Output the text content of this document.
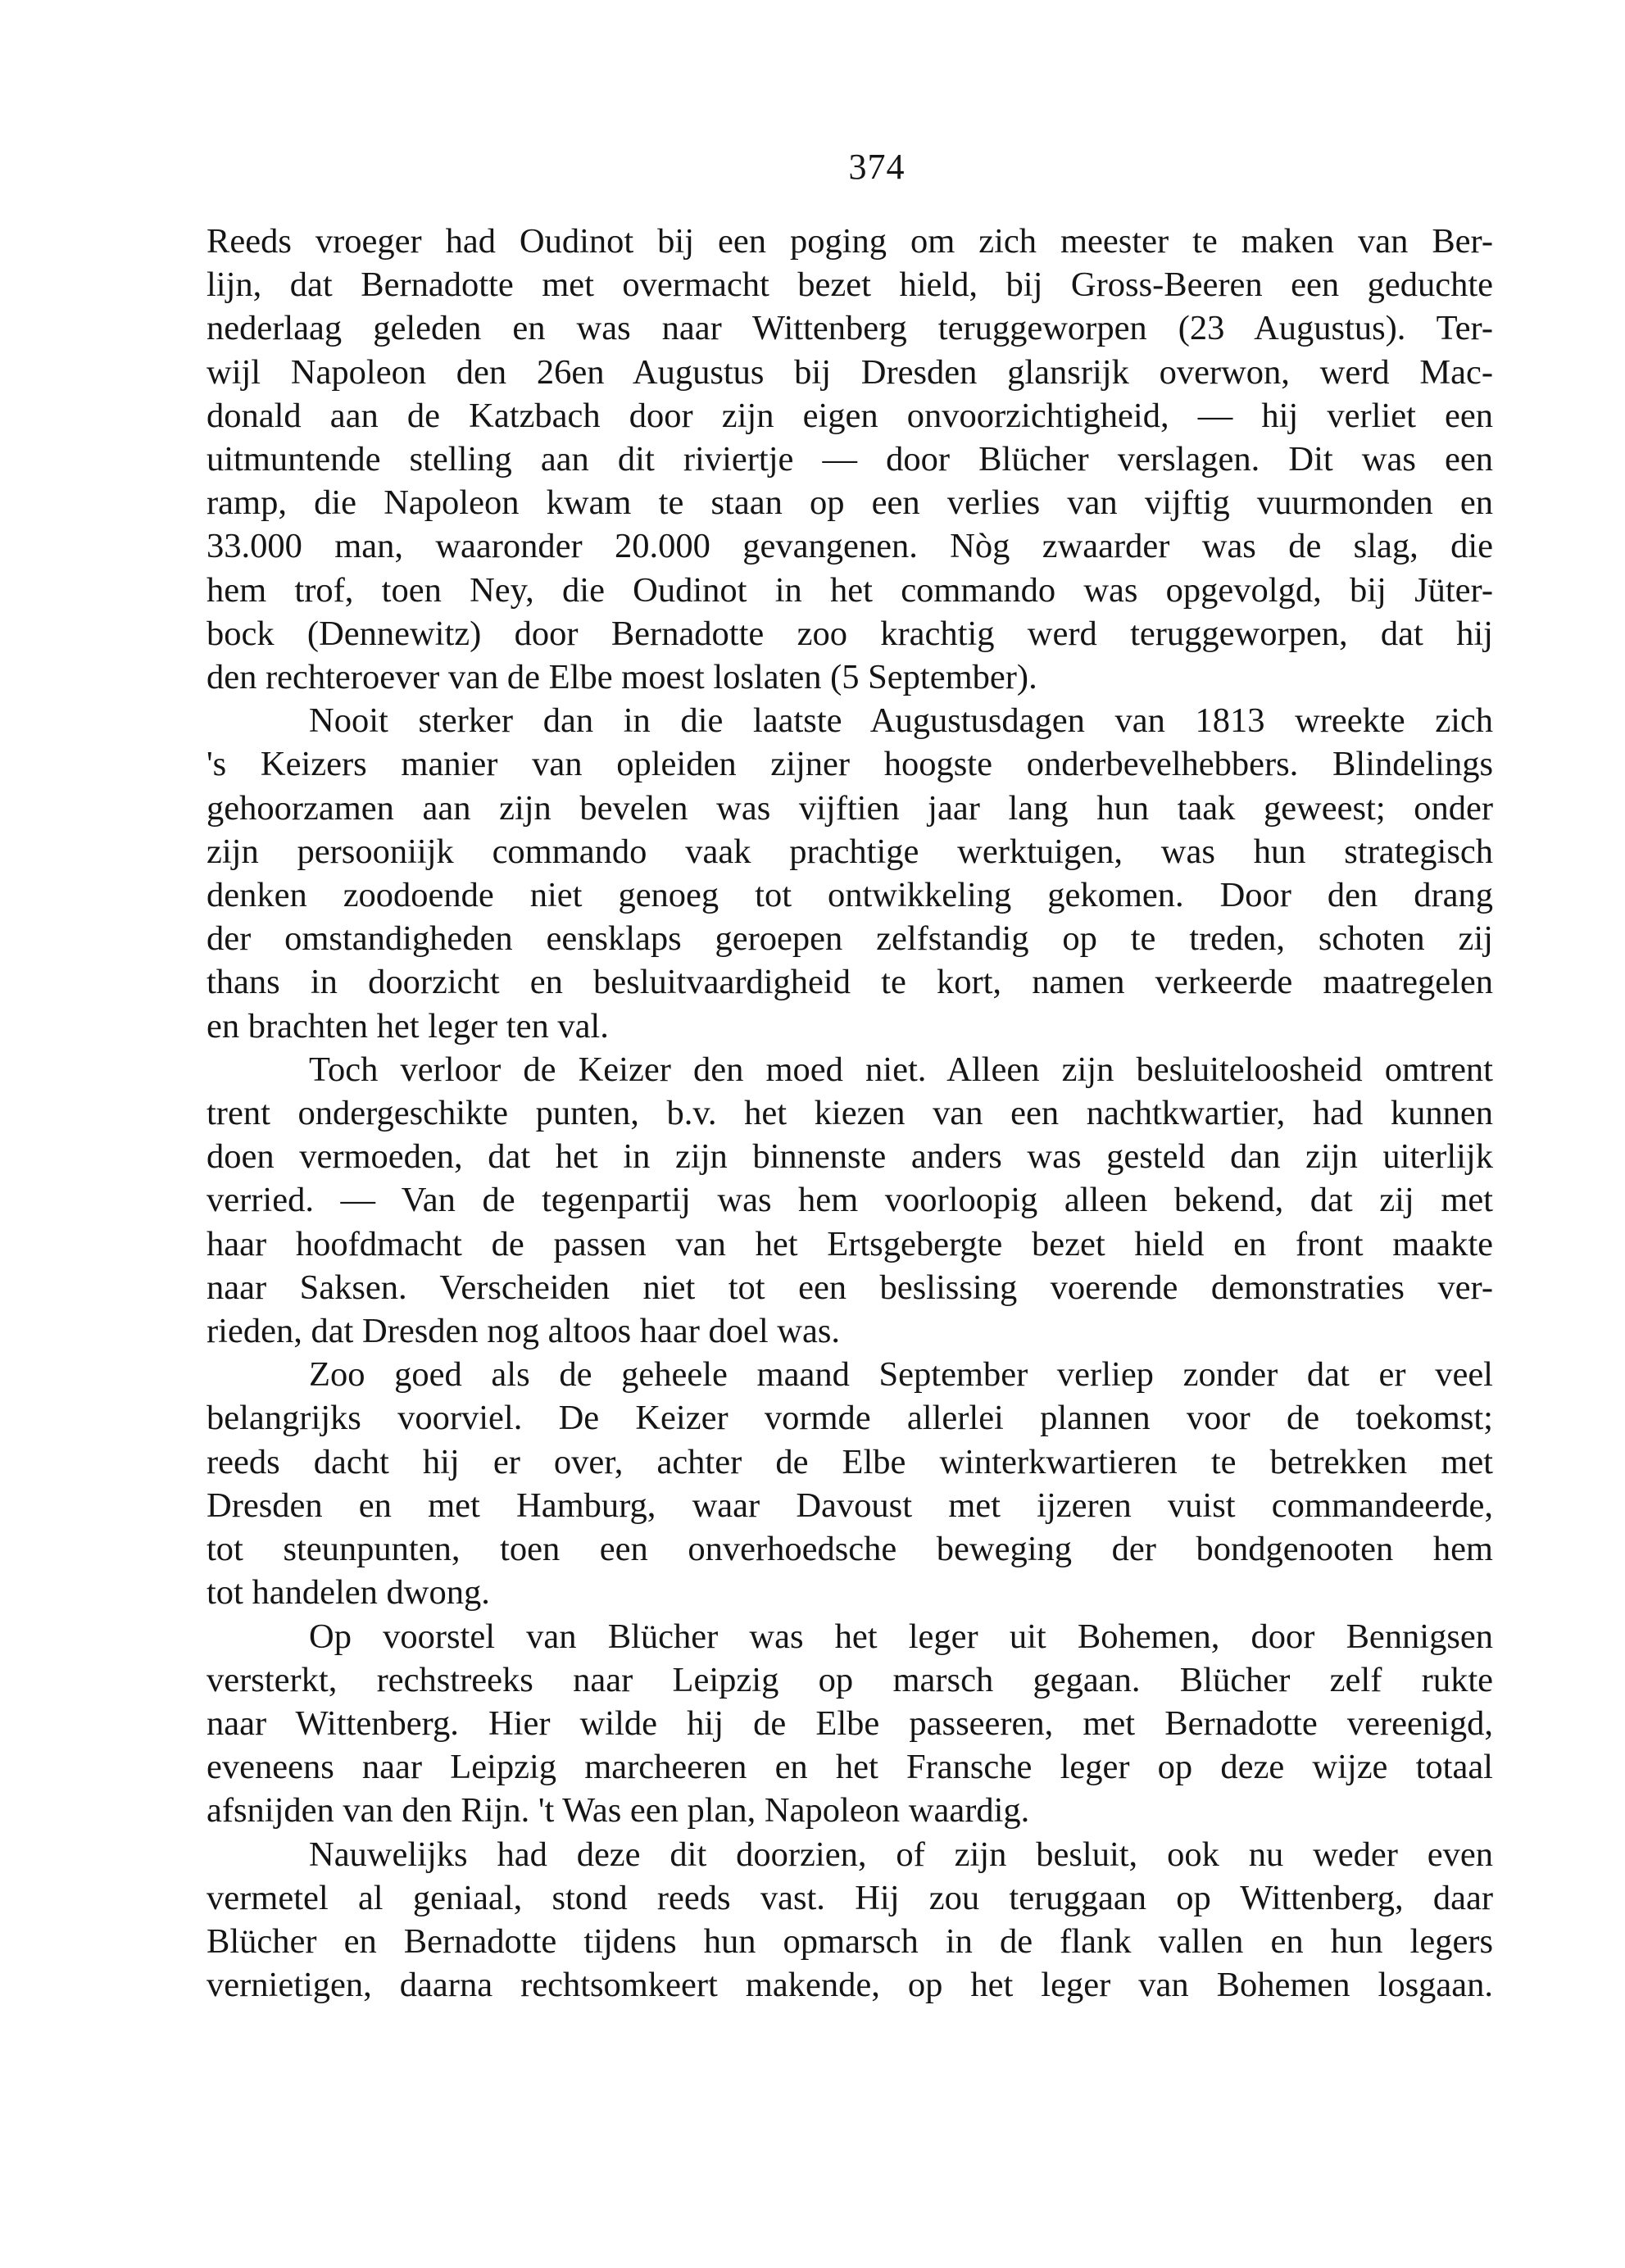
374

Reeds vroeger had Oudinot bij een poging om zich meester te maken van Ber-
lijn, dat Bernadotte met overmacht bezet hield, bij Gross-Beeren een geduchte
nederlaag geleden en was naar Wittenberg teruggeworpen (23 Augustus). Ter-
wijl Napoleon den 26en Augustus bij Dresden glansrijk overwon, werd Mac-
donald aan de Katzbach door zijn eigen onvoorzichtigheid, — hij verliet een
uitmuntende stelling aan dit riviertje — door Blücher verslagen. Dit was een
ramp, die Napoleon kwam te staan op een verlies van vijftig vuurmonden en
33.000 man, waaronder 20.000 gevangenen. Nòg zwaarder was de slag, die
hem trof, toen Ney, die Oudinot in het commando was opgevolgd, bij Jüter-
bock (Dennewitz) door Bernadotte zoo krachtig werd teruggeworpen, dat hij
den rechteroever van de Elbe moest loslaten (5 September).

Nooit sterker dan in die laatste Augustusdagen van 1813 wreekte zich
's Keizers manier van opleiden zijner hoogste onderbevelhebbers. Blindelings
gehoorzamen aan zijn bevelen was vijftien jaar lang hun taak geweest; onder
zijn persooniijk commando vaak prachtige werktuigen, was hun strategisch
denken zoodoende niet genoeg tot ontwikkeling gekomen. Door den drang
der omstandigheden eensklaps geroepen zelfstandig op te treden, schoten zij
thans in doorzicht en besluitvaardigheid te kort, namen verkeerde maatregelen
en brachten het leger ten val.

Toch verloor de Keizer den moed niet. Alleen zijn besluiteloosheid omtrent
trent ondergeschikte punten, b.v. het kiezen van een nachtkwartier, had kunnen
doen vermoeden, dat het in zijn binnenste anders was gesteld dan zijn uiterlijk
verried. — Van de tegenpartij was hem voorloopig alleen bekend, dat zij met
haar hoofdmacht de passen van het Ertsgebergte bezet hield en front maakte
naar Saksen. Verscheiden niet tot een beslissing voerende demonstraties ver-
rieden, dat Dresden nog altoos haar doel was.

Zoo goed als de geheele maand September verliep zonder dat er veel
belangrijks voorviel. De Keizer vormde allerlei plannen voor de toekomst;
reeds dacht hij er over, achter de Elbe winterkwartieren te betrekken met
Dresden en met Hamburg, waar Davoust met ijzeren vuist commandeerde,
tot steunpunten, toen een onverhoedsche beweging der bondgenooten hem
tot handelen dwong.

Op voorstel van Blücher was het leger uit Bohemen, door Bennigsen
versterkt, rechstreeks naar Leipzig op marsch gegaan. Blücher zelf rukte
naar Wittenberg. Hier wilde hij de Elbe passeeren, met Bernadotte vereenigd,
eveneens naar Leipzig marcheeren en het Fransche leger op deze wijze totaal
afsnijden van den Rijn. 't Was een plan, Napoleon waardig.

Nauwelijks had deze dit doorzien, of zijn besluit, ook nu weder even
vermetel al geniaal, stond reeds vast. Hij zou teruggaan op Wittenberg, daar
Blücher en Bernadotte tijdens hun opmarsch in de flank vallen en hun legers
vernietigen, daarna rechtsomkeert makende, op het leger van Bohemen losgaan.
